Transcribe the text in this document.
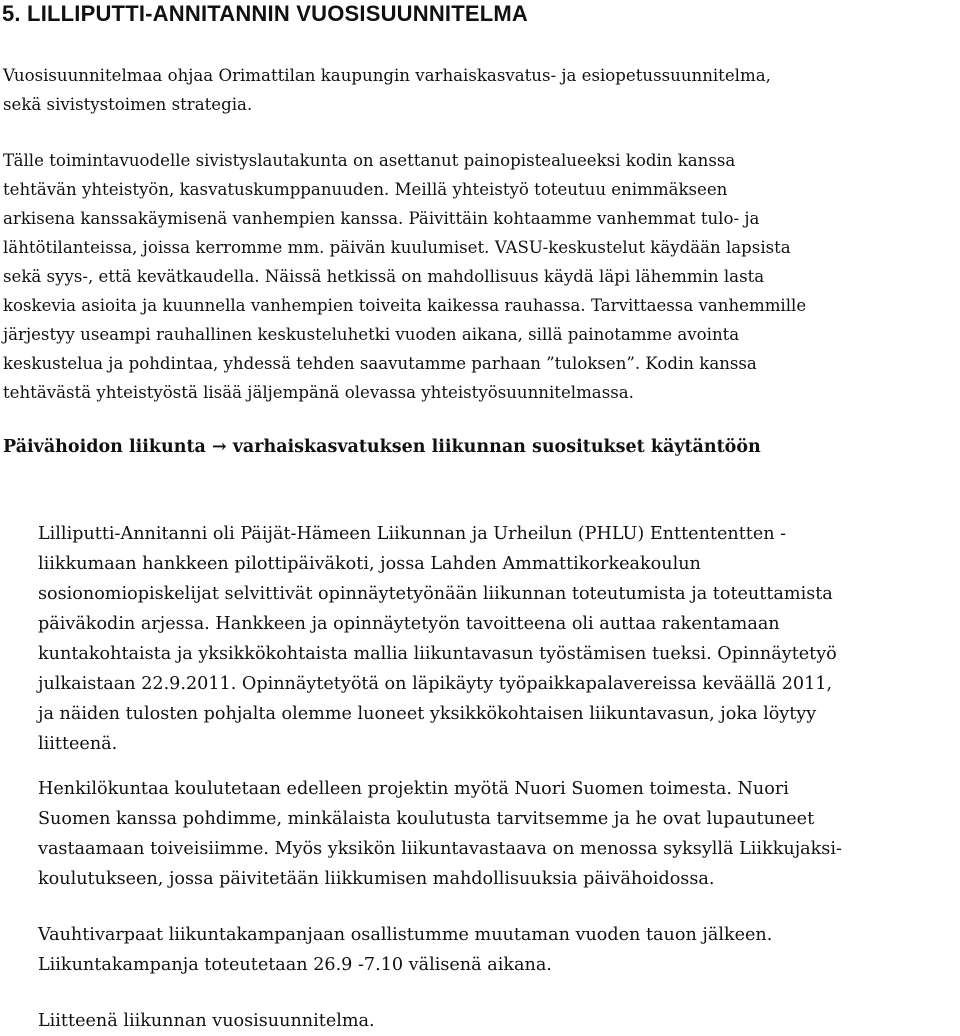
5. LILLIPUTTI-ANNITANNIN VUOSISUUNNITELMA

Vuosisuunnitelmaa ohjaa Orimattilan kaupungin varhaiskasvatus- ja esiopetussuunnitelma,
sekä sivistystoimen strategia.

Tälle toimintavuodelle sivistyslautakunta on asettanut painopistealueeksi kodin kanssa
tehtävän yhteistyön, kasvatuskumppanuuden. Meillä yhteistyö toteutuu enimmäkseen
arkisena kanssakäymisenä vanhempien kanssa. Päivittäin kohtaamme vanhemmat tulo- ja
lähtötilanteissa, joissa kerromme mm. päivän kuulumiset. VASU-keskustelut käydään lapsista
sekä syys-, että kevätkaudella. Näissä hetkissä on mahdollisuus käydä läpi lähemmin lasta
koskevia asioita ja kuunnella vanhempien toiveita kaikessa rauhassa. Tarvittaessa vanhemmille
järjestyy useampi rauhallinen keskusteluhetki vuoden aikana, sillä painotamme avointa
keskustelua ja pohdintaa, yhdessä tehden saavutamme parhaan ”tuloksen”. Kodin kanssa
tehtävästä yhteistyöstä lisää jäljempänä olevassa yhteistyösuunnitelmassa.

Päivähoidon liikunta → varhaiskasvatuksen liikunnan suositukset käytäntöön

Lilliputti-Annitanni oli Päijät-Hämeen Liikunnan ja Urheilun (PHLU) Enttententten -
liikkumaan hankkeen pilottipäiväkoti, jossa Lahden Ammattikorkeakoulun
sosionomiopiskelijat selvittivät opinnäytetyönään liikunnan toteutumista ja toteuttamista
päiväkodin arjessa. Hankkeen ja opinnäytetyön tavoitteena oli auttaa rakentamaan
kuntakohtaista ja yksikkökohtaista mallia liikuntavasun työstämisen tueksi. Opinnäytetyö
julkaistaan 22.9.2011. Opinnäytetyötä on läpikäyty työpaikkapalavereissa keväällä 2011,
ja näiden tulosten pohjalta olemme luoneet yksikkökohtaisen liikuntavasun, joka löytyy
liitteenä.

Henkilökuntaa koulutetaan edelleen projektin myötä Nuori Suomen toimesta. Nuori
Suomen kanssa pohdimme, minkälaista koulutusta tarvitsemme ja he ovat lupautuneet
vastaamaan toiveisiimme. Myös yksikön liikuntavastaava on menossa syksyllä Liikkujaksi-
koulutukseen, jossa päivitetään liikkumisen mahdollisuuksia päivähoidossa.

Vauhtivarpaat liikuntakampanjaan osallistumme muutaman vuoden tauon jälkeen.
Liikuntakampanja toteutetaan 26.9 -7.10 välisenä aikana.

Liitteenä liikunnan vuosisuunnitelma.
